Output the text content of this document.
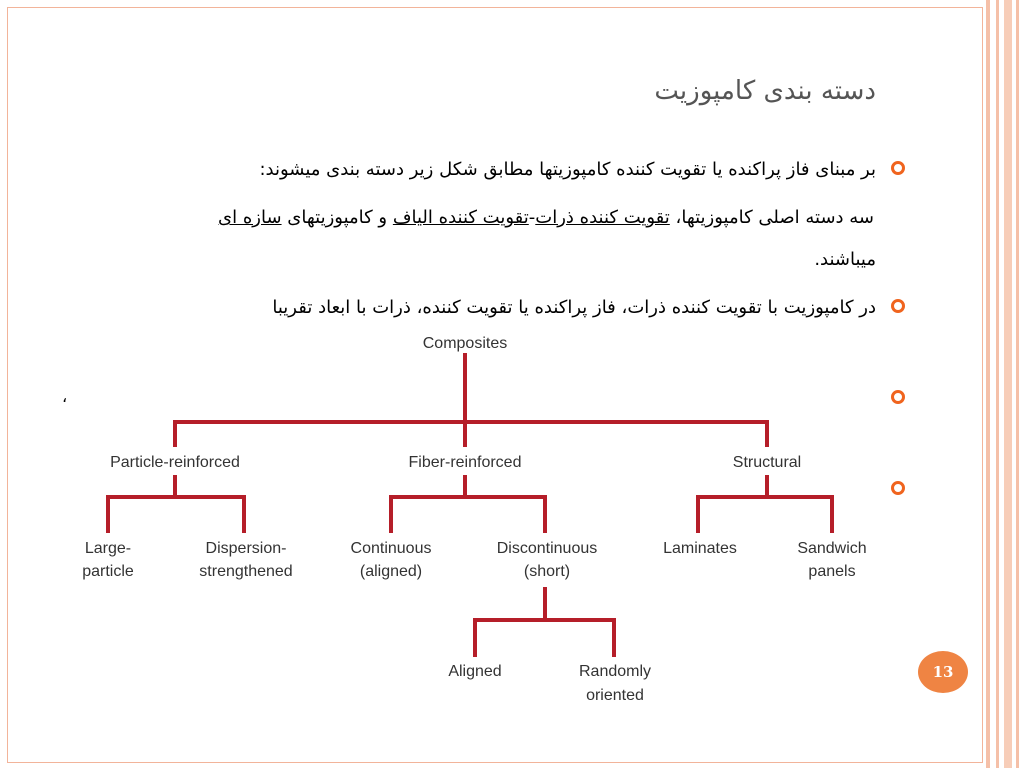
دسته بندی کامپوزیت
بر مبنای فاز پراکنده یا تقویت کننده کامپوزیتها مطابق شکل زیر دسته بندی میشوند:
سه دسته اصلی کامپوزیتها، تقویت کننده ذرات-تقویت کننده الیاف و کامپوزیتهای سازه ای
میباشند.
در کامپوزیت با تقویت کننده ذرات، فاز پراکنده یا تقویت کننده، ذرات با ابعاد تقریبا
،
Composites
Particle-reinforced	Fiber-reinforced	Structural
Large-
particle
Dispersion-
strengthened
Continuous
(aligned)
Discontinuous
(short)
Laminates	Sandwich
panels
Aligned	Randomly
oriented
13
